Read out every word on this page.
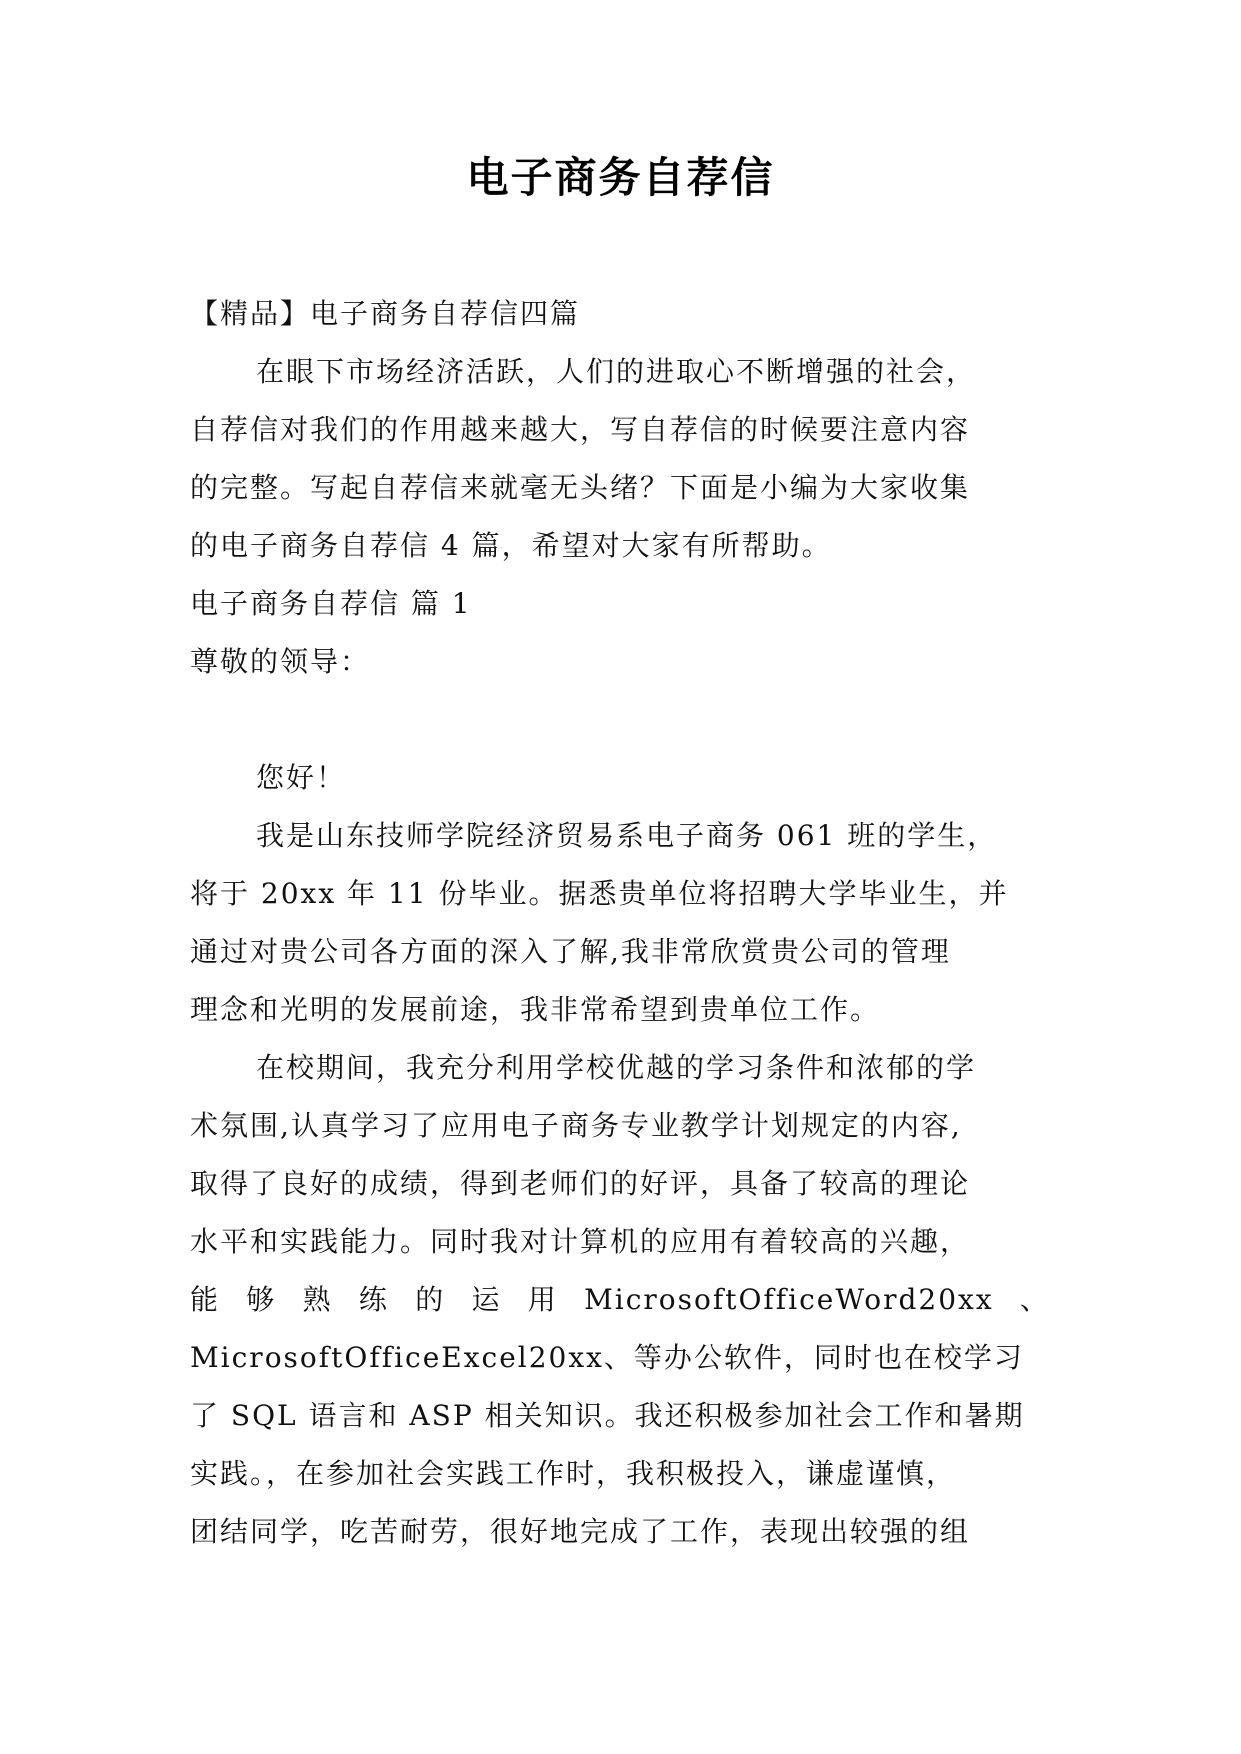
电子商务自荐信
【精品】电子商务自荐信四篇
在眼下市场经济活跃，人们的进取心不断增强的社会，
自荐信对我们的作用越来越大，写自荐信的时候要注意内容
的完整。写起自荐信来就毫无头绪？下面是小编为大家收集
的电子商务自荐信 4 篇，希望对大家有所帮助。
电子商务自荐信 篇 1
尊敬的领导：
您好！
我是山东技师学院经济贸易系电子商务 061 班的学生，
将于 20xx 年 11 份毕业。据悉贵单位将招聘大学毕业生，并
通过对贵公司各方面的深入了解,我非常欣赏贵公司的管理
理念和光明的发展前途，我非常希望到贵单位工作。
在校期间，我充分利用学校优越的学习条件和浓郁的学
术氛围,认真学习了应用电子商务专业教学计划规定的内容,
取得了良好的成绩，得到老师们的好评，具备了较高的理论
水平和实践能力。同时我对计算机的应用有着较高的兴趣，
能 够 熟 练 的 运 用 MicrosoftOfficeWord20xx 、
MicrosoftOfficeExcel20xx、等办公软件，同时也在校学习
了 SQL 语言和 ASP 相关知识。我还积极参加社会工作和暑期
实践。，在参加社会实践工作时，我积极投入，谦虚谨慎，
团结同学，吃苦耐劳，很好地完成了工作，表现出较强的组
